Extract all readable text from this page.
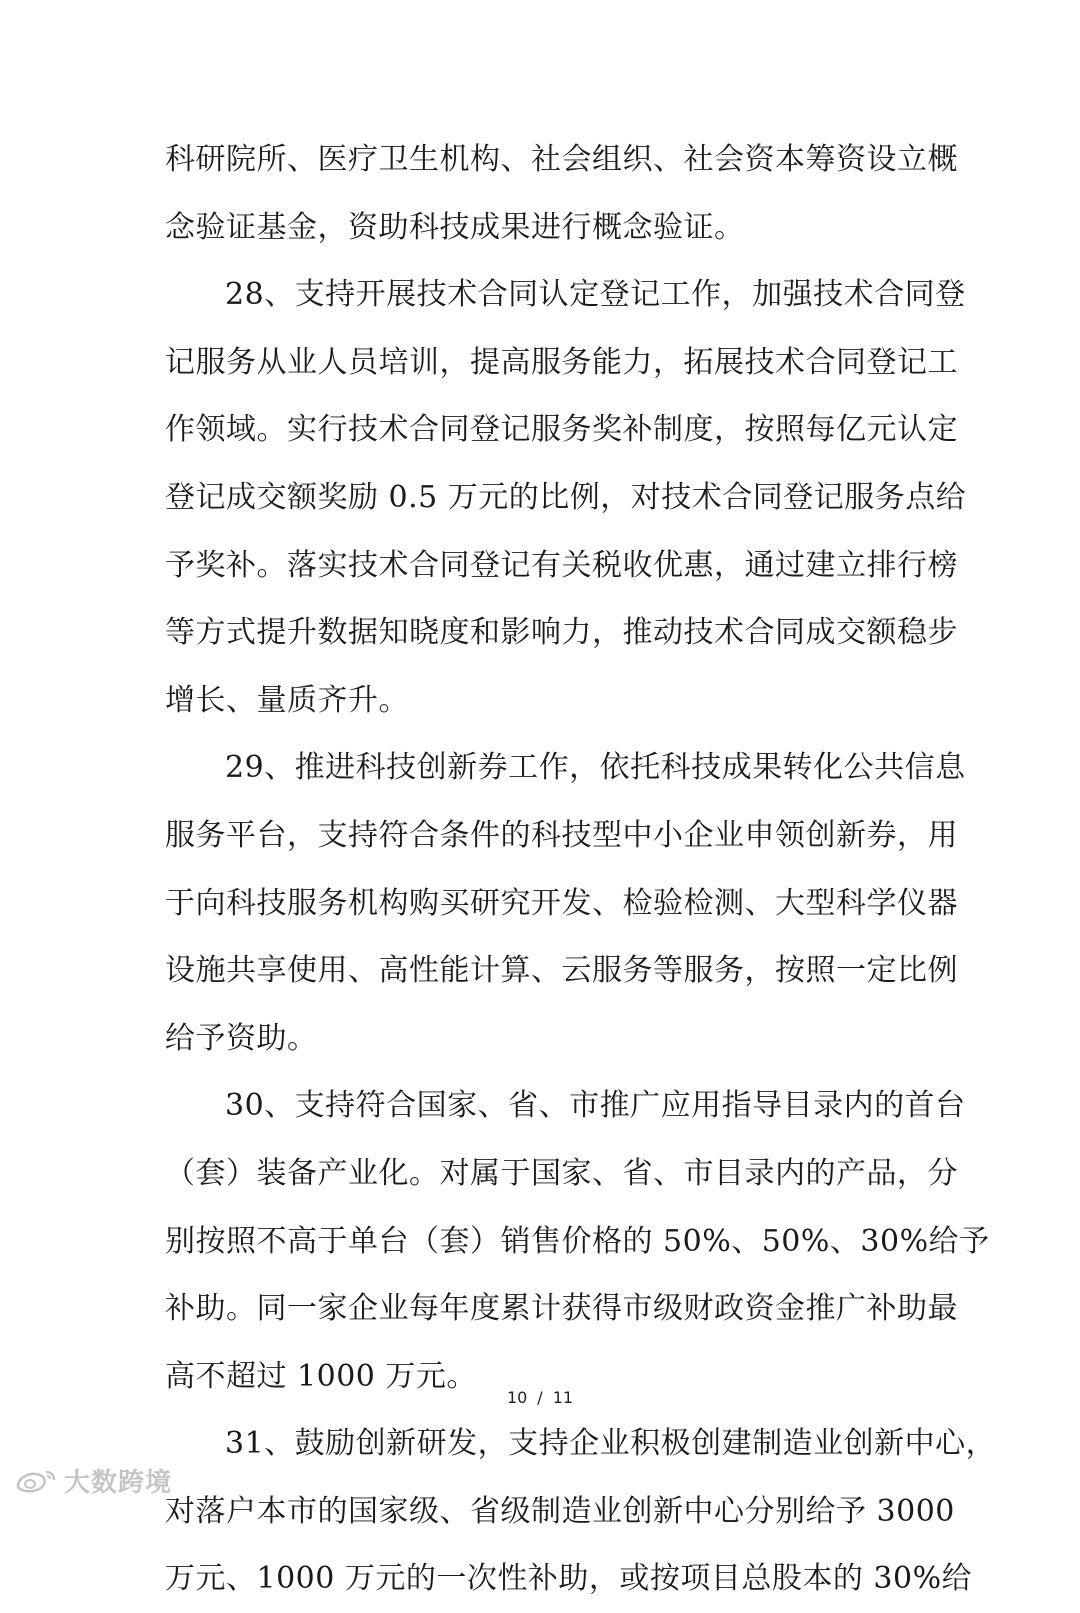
科研院所、医疗卫生机构、社会组织、社会资本筹资设立概
念验证基金，资助科技成果进行概念验证。
28、支持开展技术合同认定登记工作，加强技术合同登
记服务从业人员培训，提高服务能力，拓展技术合同登记工
作领域。实行技术合同登记服务奖补制度，按照每亿元认定
登记成交额奖励 0.5 万元的比例，对技术合同登记服务点给
予奖补。落实技术合同登记有关税收优惠，通过建立排行榜
等方式提升数据知晓度和影响力，推动技术合同成交额稳步
增长、量质齐升。
29、推进科技创新券工作，依托科技成果转化公共信息
服务平台，支持符合条件的科技型中小企业申领创新券，用
于向科技服务机构购买研究开发、检验检测、大型科学仪器
设施共享使用、高性能计算、云服务等服务，按照一定比例
给予资助。
30、支持符合国家、省、市推广应用指导目录内的首台
（套）装备产业化。对属于国家、省、市目录内的产品，分
别按照不高于单台（套）销售价格的 50%、50%、30%给予
补助。同一家企业每年度累计获得市级财政资金推广补助最
高不超过 1000 万元。
31、鼓励创新研发，支持企业积极创建制造业创新中心，
对落户本市的国家级、省级制造业创新中心分别给予 3000
万元、1000 万元的一次性补助，或按项目总股本的 30%给
10 / 11
大数跨境
